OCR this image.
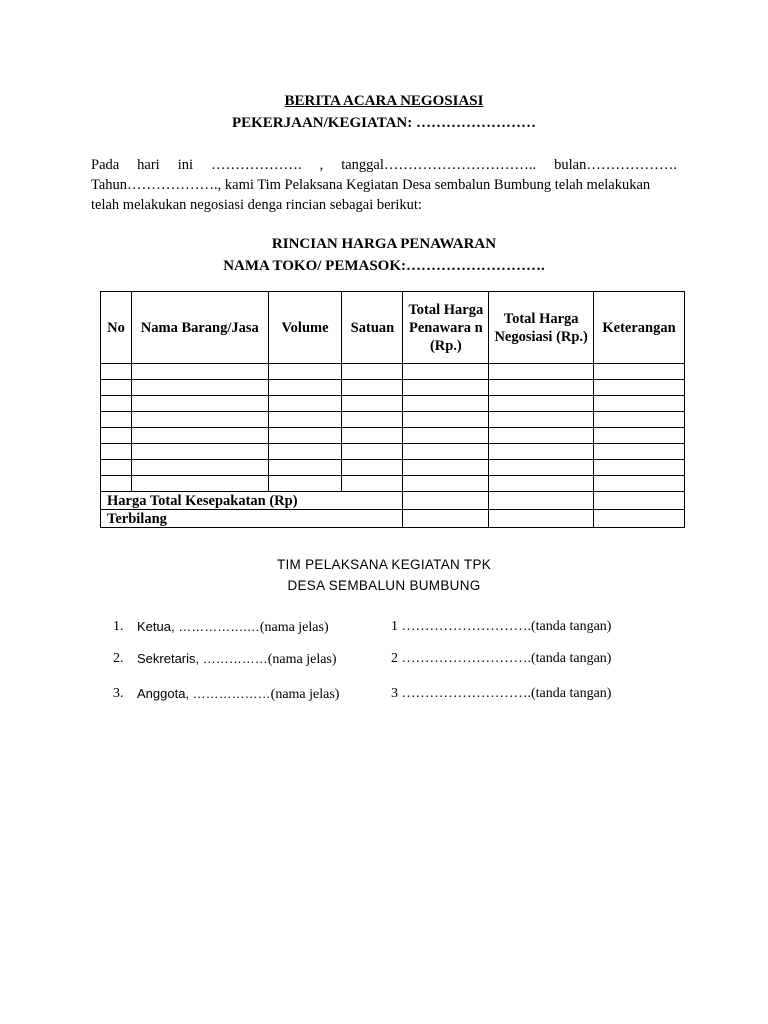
BERITA ACARA NEGOSIASI
PEKERJAAN/KEGIATAN: ……………………
Pada hari ini ………………. , tanggal………………………….. bulan……………….
Tahun………………., kami Tim Pelaksana Kegiatan Desa sembalun Bumbung telah melakukan
telah melakukan negosiasi denga rincian sebagai berikut:
RINCIAN HARGA PENAWARAN
NAMA TOKO/ PEMASOK:……………………….
No	Nama Barang/Jasa	Volume	Satuan	Total Harga Penawara n (Rp.)	Total Harga Negosiasi (Rp.)	Keterangan

Harga Total Kesepakatan (Rp)						
Terbilang						
TIM PELAKSANA KEGIATAN TPK
DESA SEMBALUN BUMBUNG
1. Ketua, …………….…(nama jelas)	1 ……………………….(tanda tangan)
2. Sekretaris, ……………(nama jelas)	2 ……………………….(tanda tangan)
3. Anggota, ………………(nama jelas)	3 ……………………….(tanda tangan)
